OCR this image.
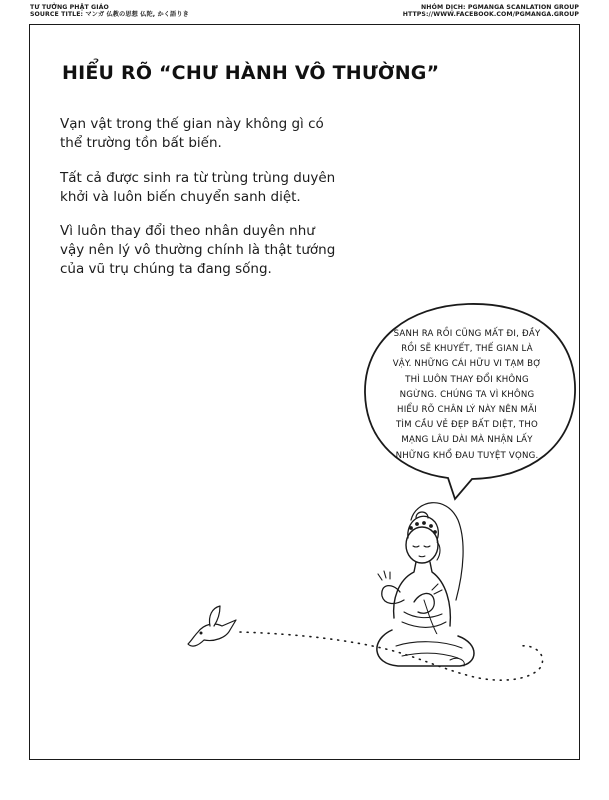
TƯ TƯỞNG PHẬT GIÁO
SOURCE TITLE: マンガ 仏教の思想 仏陀, かく語りき
NHÓM DỊCH: PGMANGA SCANLATION GROUP
HTTPS://WWW.FACEBOOK.COM/PGMANGA.GROUP
HIỂU RÕ “CHƯ HÀNH VÔ THƯỜNG”
Vạn vật trong thế gian này không gì có
thể trường tồn bất biến.
Tất cả được sinh ra từ trùng trùng duyên
khởi và luôn biến chuyển sanh diệt.
Vì luôn thay đổi theo nhân duyên như
vậy nên lý vô thường chính là thật tướng
của vũ trụ chúng ta đang sống.
SANH RA RỒI CŨNG MẤT ĐI, ĐẦY
RỒI SẼ KHUYẾT, THẾ GIAN LÀ
VẬY. NHỮNG CÁI HỮU VI TẠM BỢ
THÌ LUÔN THAY ĐỔI KHÔNG
NGỪNG. CHÚNG TA VÌ KHÔNG
HIỂU RÕ CHÂN LÝ NÀY NÊN MÃI
TÌM CẦU VẺ ĐẸP BẤT DIỆT, THO
MẠNG LÂU DÀI MÀ NHẬN LẤY
NHỮNG KHỔ ĐAU TUYỆT VỌNG.
